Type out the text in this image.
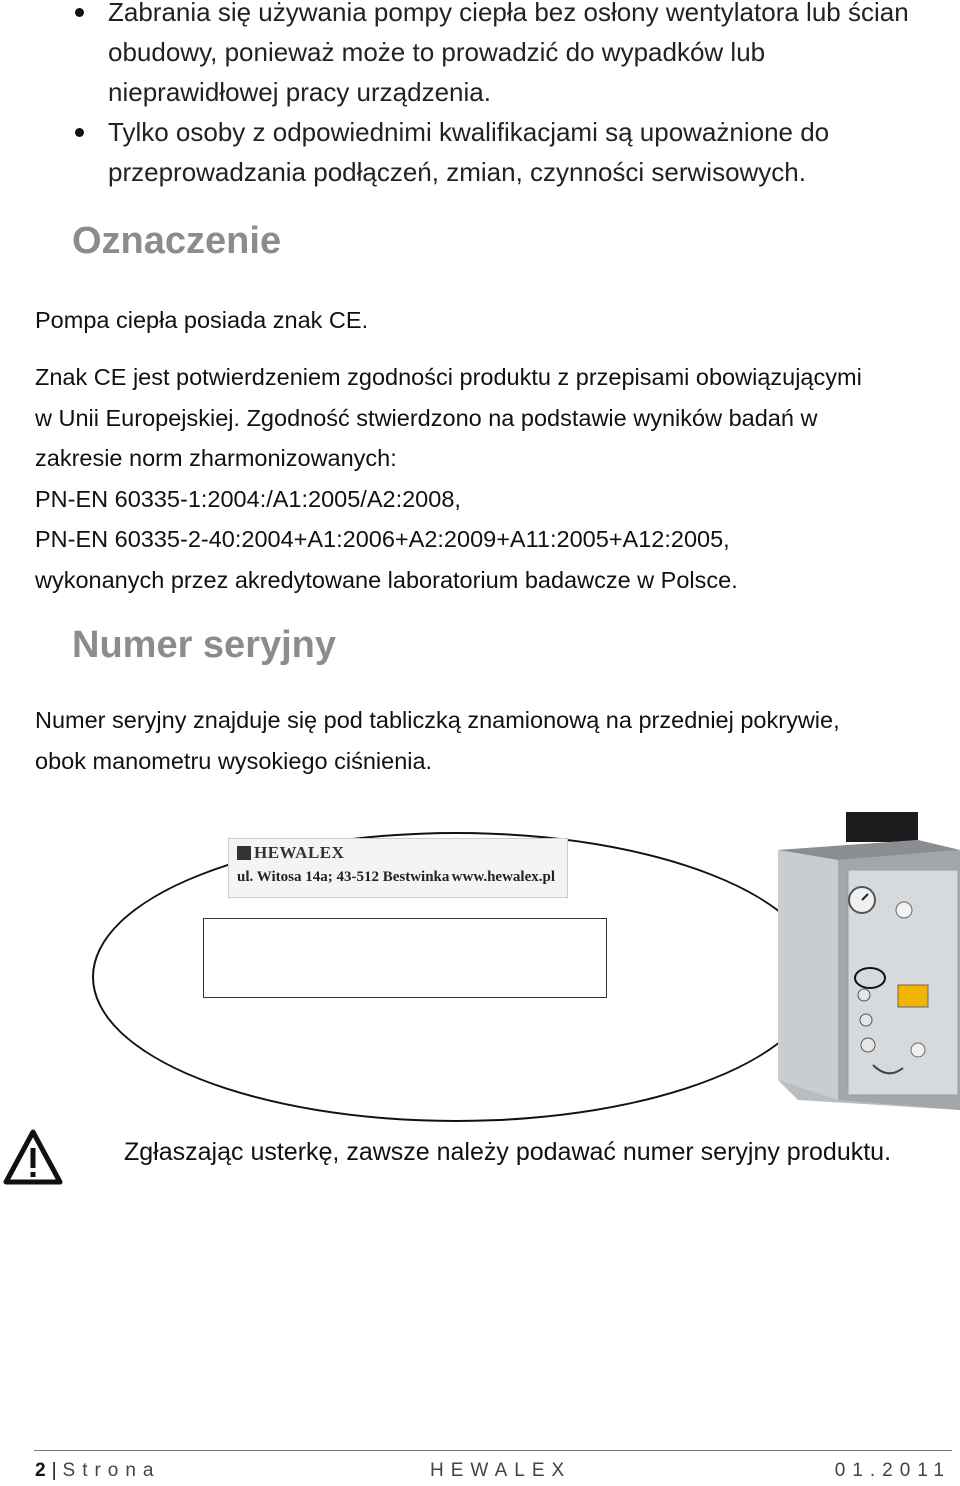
Zabrania się używania pompy ciepła bez osłony wentylatora lub ścian
obudowy, ponieważ może to prowadzić do wypadków lub
nieprawidłowej pracy urządzenia.
Tylko osoby z odpowiednimi kwalifikacjami są upoważnione do
przeprowadzania podłączeń, zmian, czynności serwisowych.
Oznaczenie
Pompa ciepła posiada znak CE.
Znak CE jest potwierdzeniem zgodności produktu z przepisami obowiązującymi
w Unii Europejskiej. Zgodność stwierdzono na podstawie wyników badań w
zakresie norm zharmonizowanych:
PN-EN 60335-1:2004:/A1:2005/A2:2008,
PN-EN 60335-2-40:2004+A1:2006+A2:2009+A11:2005+A12:2005,
wykonanych przez akredytowane laboratorium badawcze w Polsce.
Numer seryjny
Numer seryjny znajduje się pod tabliczką znamionową na przedniej pokrywie,
obok manometru wysokiego ciśnienia.
HEWALEX
ul. Witosa 14a; 43-512 Bestwinka www.hewalex.pl
Zgłaszając usterkę, zawsze należy podawać numer seryjny produktu.
2 | Strona	HEWALEX	01.2011
